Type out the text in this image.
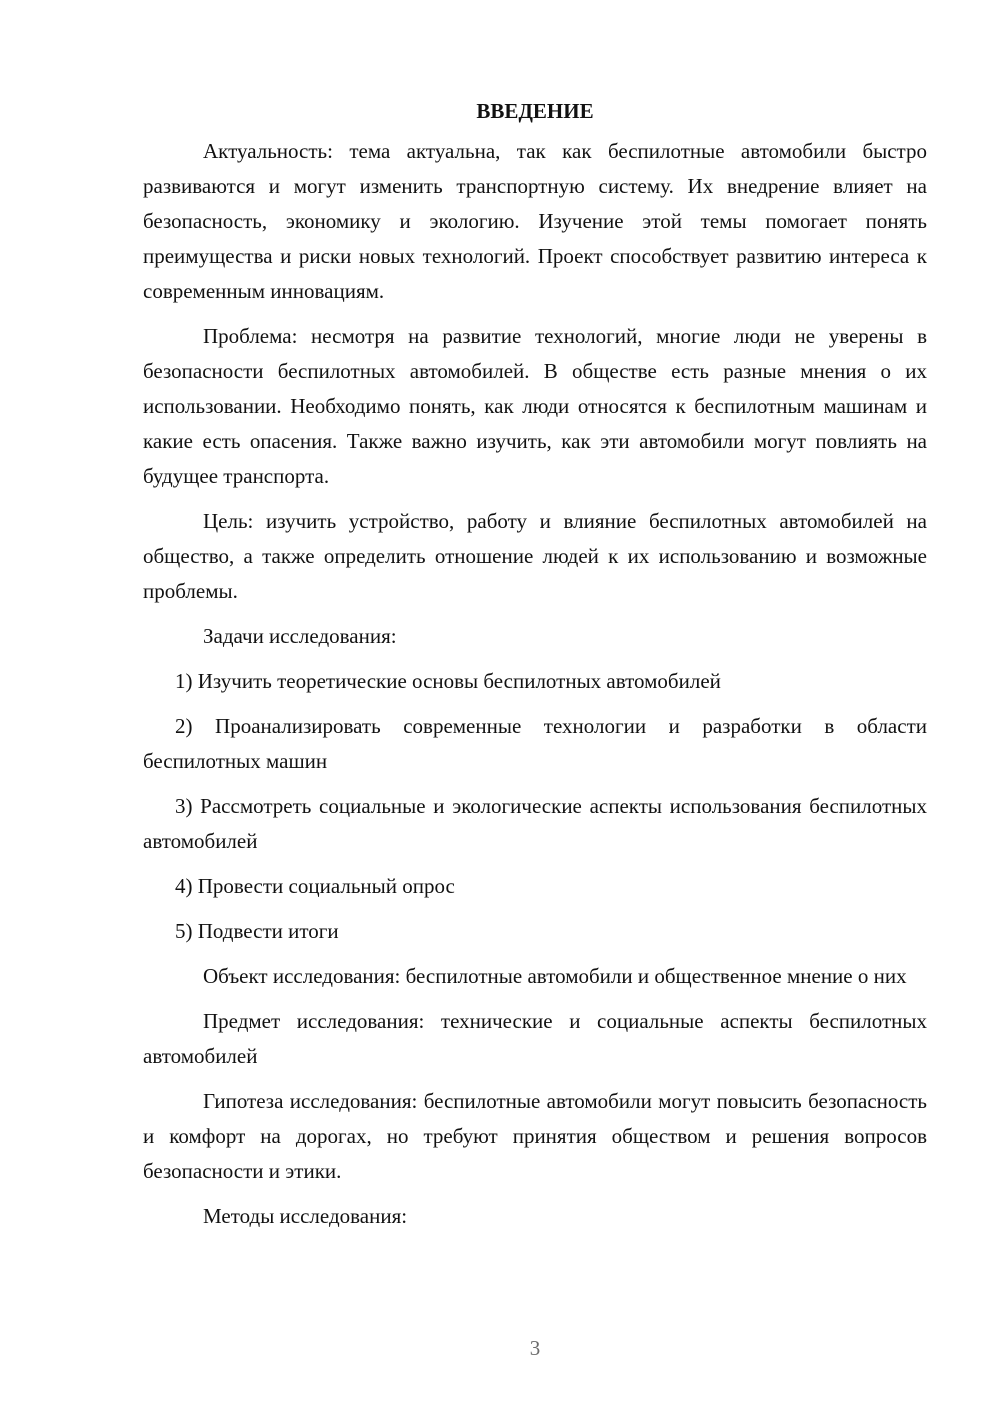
ВВЕДЕНИЕ

Актуальность: тема актуальна, так как беспилотные автомобили быстро развиваются и могут изменить транспортную систему. Их внедрение влияет на безопасность, экономику и экологию. Изучение этой темы помогает понять преимущества и риски новых технологий. Проект способствует развитию интереса к современным инновациям.

Проблема: несмотря на развитие технологий, многие люди не уверены в безопасности беспилотных автомобилей. В обществе есть разные мнения о их использовании. Необходимо понять, как люди относятся к беспилотным машинам и какие есть опасения. Также важно изучить, как эти автомобили могут повлиять на будущее транспорта.

Цель: изучить устройство, работу и влияние беспилотных автомобилей на общество, а также определить отношение людей к их использованию и возможные проблемы.

Задачи исследования:

1) Изучить теоретические основы беспилотных автомобилей

2) Проанализировать современные технологии и разработки в области беспилотных машин

3) Рассмотреть социальные и экологические аспекты использования беспилотных автомобилей

4) Провести социальный опрос

5) Подвести итоги

Объект исследования: беспилотные автомобили и общественное мнение о них

Предмет исследования: технические и социальные аспекты беспилотных автомобилей

Гипотеза исследования: беспилотные автомобили могут повысить безопасность и комфорт на дорогах, но требуют принятия обществом и решения вопросов безопасности и этики.

Методы исследования:

3
